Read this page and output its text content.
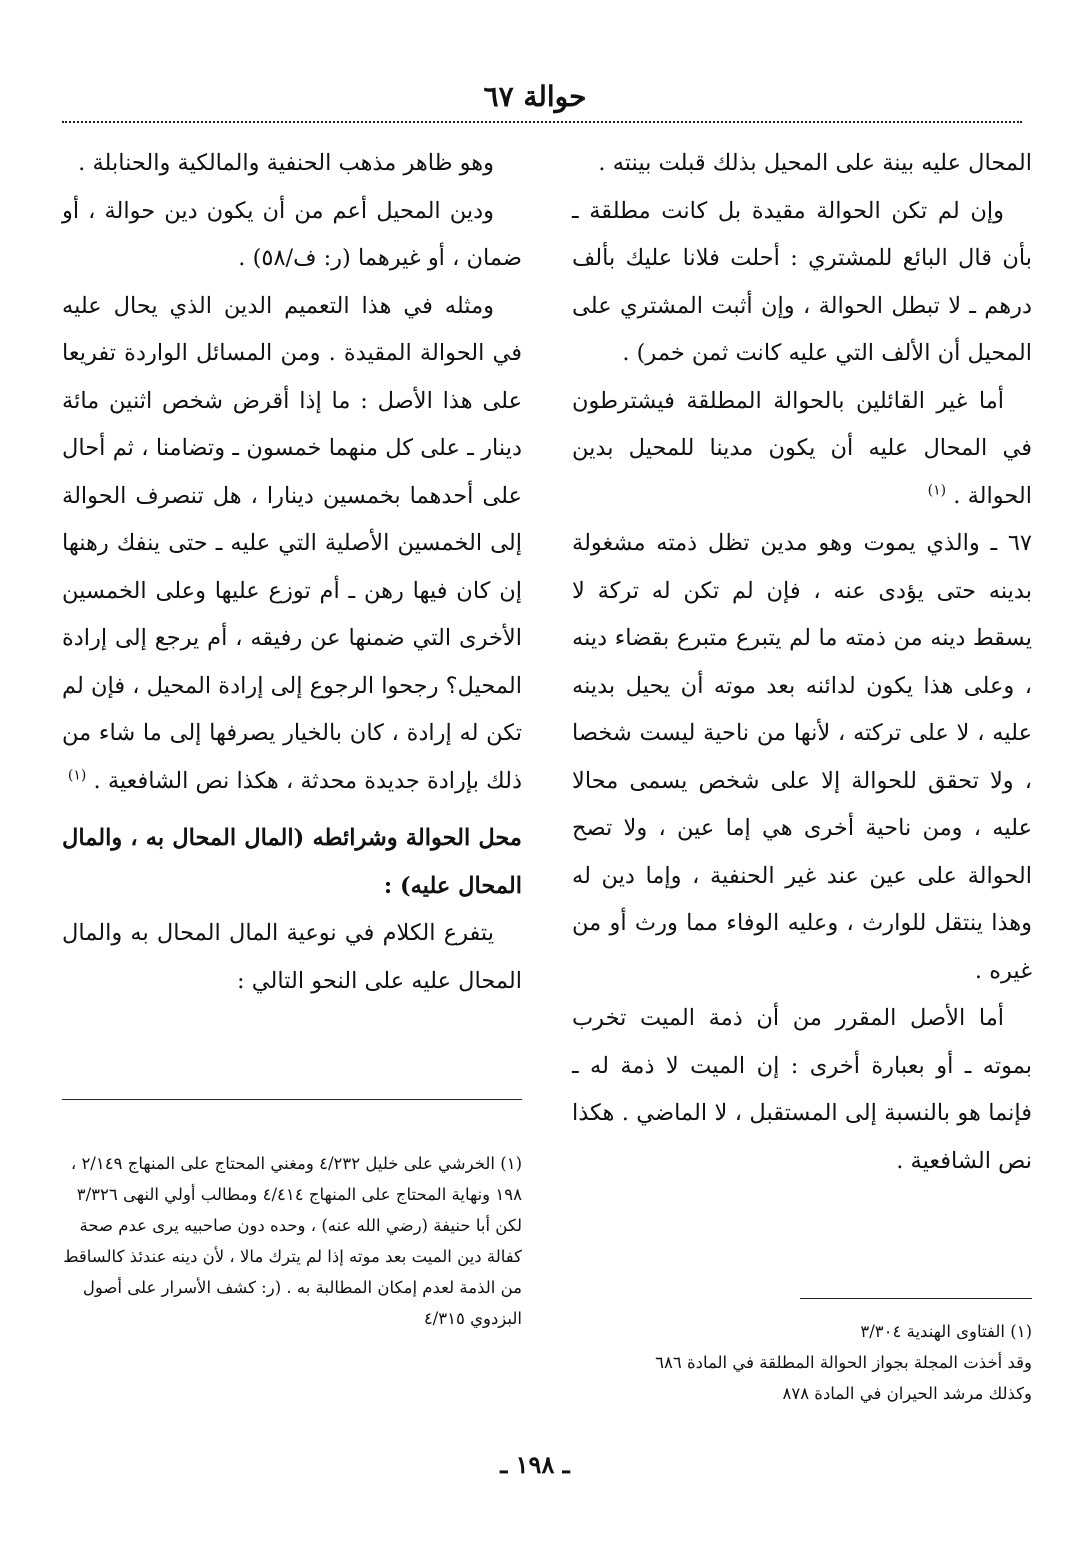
حوالة ٦٧

المحال عليه بينة على المحيل بذلك قبلت بينته .

وإن لم تكن الحوالة مقيدة بل كانت مطلقة ـ بأن قال البائع للمشتري : أحلت فلانا عليك بألف درهم ـ لا تبطل الحوالة ، وإن أثبت المشتري على المحيل أن الألف التي عليه كانت ثمن خمر) .

أما غير القائلين بالحوالة المطلقة فيشترطون في المحال عليه أن يكون مدينا للمحيل بدين الحوالة . $^{(١)}$

٦٧ ـ والذي يموت وهو مدين تظل ذمته مشغولة بدينه حتى يؤدى عنه ، فإن لم تكن له تركة لا يسقط دينه من ذمته ما لم يتبرع متبرع بقضاء دينه ، وعلى هذا يكون لدائنه بعد موته أن يحيل بدينه عليه ، لا على تركته ، لأنها من ناحية ليست شخصا ، ولا تحقق للحوالة إلا على شخص يسمى محالا عليه ، ومن ناحية أخرى هي إما عين ، ولا تصح الحوالة على عين عند غير الحنفية ، وإما دين له وهذا ينتقل للوارث ، وعليه الوفاء مما ورث أو من غيره .

أما الأصل المقرر من أن ذمة الميت تخرب بموته ـ أو بعبارة أخرى : إن الميت لا ذمة له ـ فإنما هو بالنسبة إلى المستقبل ، لا الماضي . هكذا نص الشافعية .

وهو ظاهر مذهب الحنفية والمالكية والحنابلة .

ودين المحيل أعم من أن يكون دين حوالة ، أو ضمان ، أو غيرهما (ر: ف/٥٨) .

ومثله في هذا التعميم الدين الذي يحال عليه في الحوالة المقيدة . ومن المسائل الواردة تفريعا على هذا الأصل : ما إذا أقرض شخص اثنين مائة دينار ـ على كل منهما خمسون ـ وتضامنا ، ثم أحال على أحدهما بخمسين دينارا ، هل تنصرف الحوالة إلى الخمسين الأصلية التي عليه ـ حتى ينفك رهنها إن كان فيها رهن ـ أم توزع عليها وعلى الخمسين الأخرى التي ضمنها عن رفيقه ، أم يرجع إلى إرادة المحيل؟ رجحوا الرجوع إلى إرادة المحيل ، فإن لم تكن له إرادة ، كان بالخيار يصرفها إلى ما شاء من ذلك بإرادة جديدة محدثة ، هكذا نص الشافعية . $^{(١)}$

محل الحوالة وشرائطه (المال المحال به ، والمال المحال عليه) :

يتفرع الكلام في نوعية المال المحال به والمال المحال عليه على النحو التالي :

(١) الخرشي على خليل ٤/٢٣٢ ومغني المحتاج على المنهاج ٢/١٤٩ ، ١٩٨ ونهاية المحتاج على المنهاج ٤/٤١٤ ومطالب أولي النهى ٣/٣٢٦

لكن أبا حنيفة (رضي الله عنه) ، وحده دون صاحبيه يرى عدم صحة كفالة دين الميت بعد موته إذا لم يترك مالا ، لأن دينه عندئذ كالساقط من الذمة لعدم إمكان المطالبة به . (ر: كشف الأسرار على أصول البزدوي ٤/٣١٥

(١) الفتاوى الهندية ٣/٣٠٤

وقد أخذت المجلة بجواز الحوالة المطلقة في المادة ٦٨٦

وكذلك مرشد الحيران في المادة ٨٧٨

ـ ١٩٨ ـ
